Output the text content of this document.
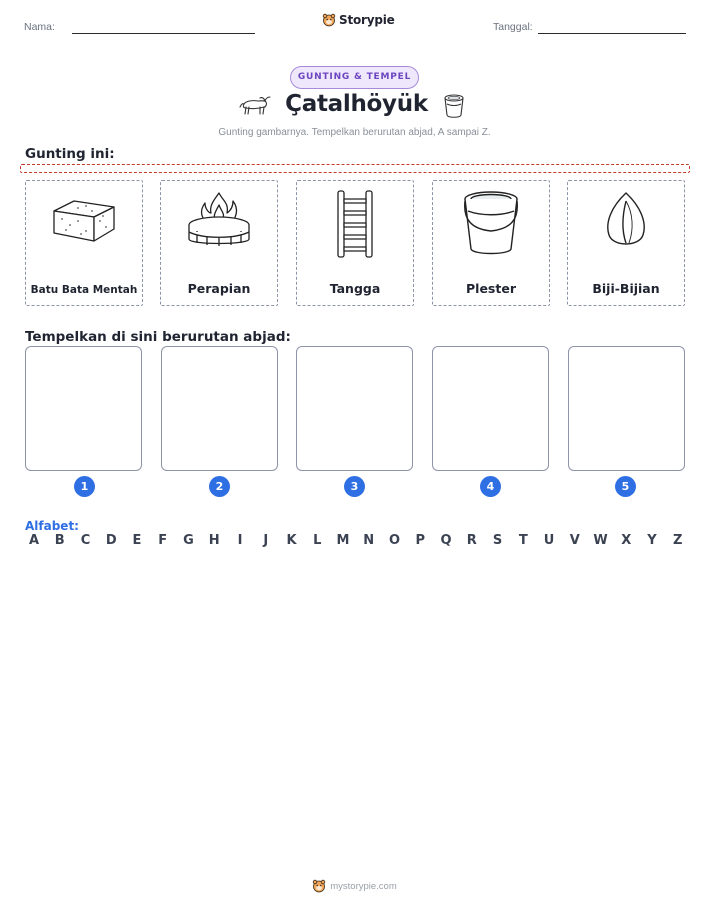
Nama:	Storypie	Tanggal:
GUNTING & TEMPEL
Çatalhöyük
Gunting gambarnya. Tempelkan berurutan abjad, A sampai Z.
Gunting ini:
Batu Bata Mentah	Perapian	Tangga	Plester	Biji-Bijian
Tempelkan di sini berurutan abjad:
1	2	3	4	5
Alfabet:
A	B	C	D	E	F	G	H	I	J	K	L	M	N	O	P	Q	R	S	T	U	V	W	X	Y	Z
mystorypie.com
